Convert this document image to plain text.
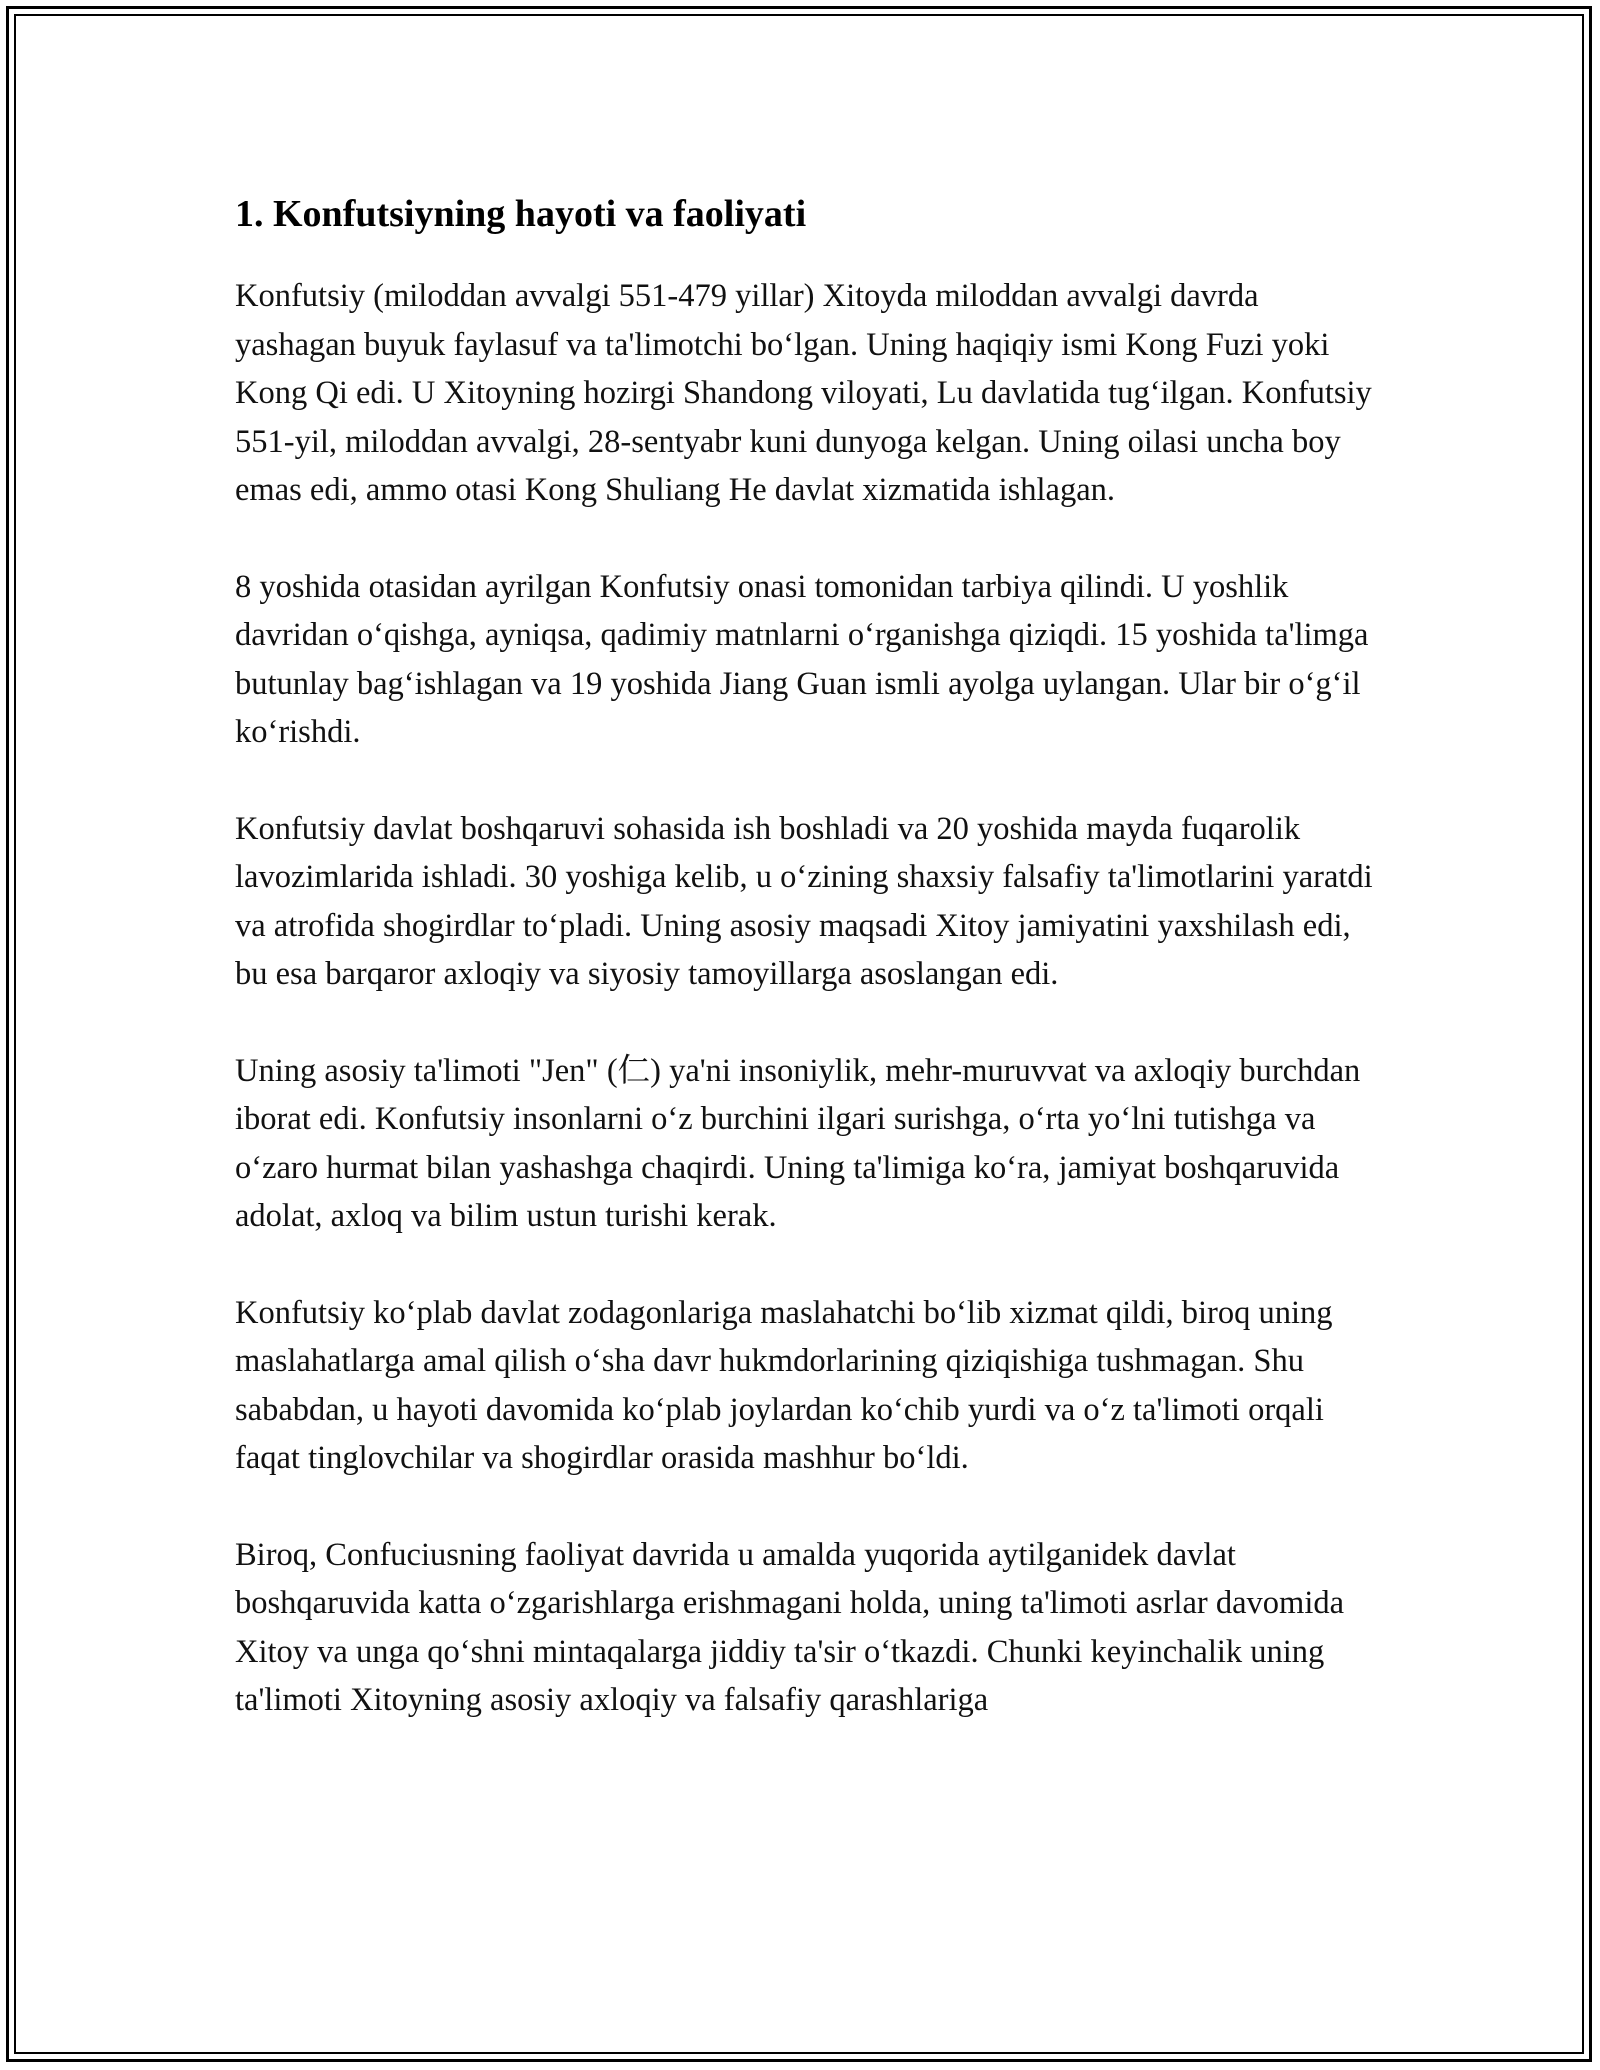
1. Konfutsiyning hayoti va faoliyati

Konfutsiy (miloddan avvalgi 551-479 yillar) Xitoyda miloddan avvalgi davrda yashagan buyuk faylasuf va ta'limotchi bo‘lgan. Uning haqiqiy ismi Kong Fuzi yoki Kong Qi edi. U Xitoyning hozirgi Shandong viloyati, Lu davlatida tug‘ilgan. Konfutsiy 551-yil, miloddan avvalgi, 28-sentyabr kuni dunyoga kelgan. Uning oilasi uncha boy emas edi, ammo otasi Kong Shuliang He davlat xizmatida ishlagan.

8 yoshida otasidan ayrilgan Konfutsiy onasi tomonidan tarbiya qilindi. U yoshlik davridan o‘qishga, ayniqsa, qadimiy matnlarni o‘rganishga qiziqdi. 15 yoshida ta'limga butunlay bag‘ishlagan va 19 yoshida Jiang Guan ismli ayolga uylangan. Ular bir o‘g‘il ko‘rishdi.

Konfutsiy davlat boshqaruvi sohasida ish boshladi va 20 yoshida mayda fuqarolik lavozimlarida ishladi. 30 yoshiga kelib, u o‘zining shaxsiy falsafiy ta'limotlarini yaratdi va atrofida shogirdlar to‘pladi. Uning asosiy maqsadi Xitoy jamiyatini yaxshilash edi, bu esa barqaror axloqiy va siyosiy tamoyillarga asoslangan edi.

Uning asosiy ta'limoti "Jen" (仁) ya'ni insoniylik, mehr-muruvvat va axloqiy burchdan iborat edi. Konfutsiy insonlarni o‘z burchini ilgari surishga, o‘rta yo‘lni tutishga va o‘zaro hurmat bilan yashashga chaqirdi. Uning ta'limiga ko‘ra, jamiyat boshqaruvida adolat, axloq va bilim ustun turishi kerak.

Konfutsiy ko‘plab davlat zodagonlariga maslahatchi bo‘lib xizmat qildi, biroq uning maslahatlarga amal qilish o‘sha davr hukmdorlarining qiziqishiga tushmagan. Shu sababdan, u hayoti davomida ko‘plab joylardan ko‘chib yurdi va o‘z ta'limoti orqali faqat tinglovchilar va shogirdlar orasida mashhur bo‘ldi.

Biroq, Confuciusning faoliyat davrida u amalda yuqorida aytilganidek davlat boshqaruvida katta o‘zgarishlarga erishmagani holda, uning ta'limoti asrlar davomida Xitoy va unga qo‘shni mintaqalarga jiddiy ta'sir o‘tkazdi. Chunki keyinchalik uning ta'limoti Xitoyning asosiy axloqiy va falsafiy qarashlariga
